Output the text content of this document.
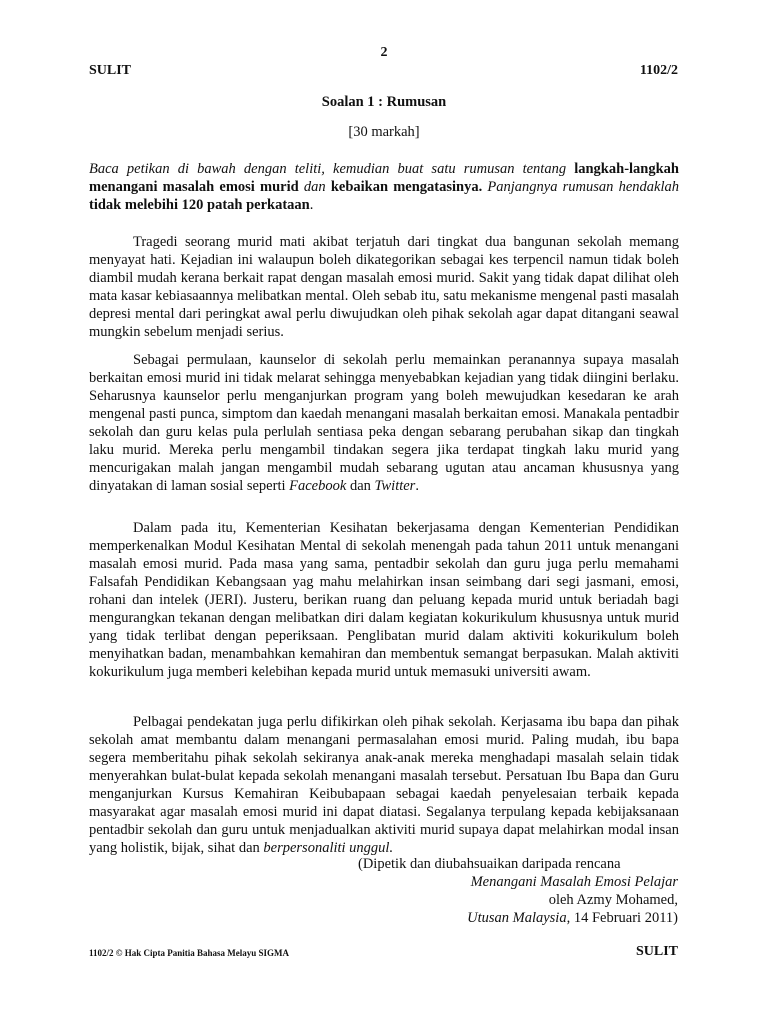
2
SULIT	1102/2
Soalan 1 : Rumusan
[30 markah]
Baca petikan di bawah dengan teliti, kemudian buat satu rumusan tentang langkah-langkah menangani masalah emosi murid dan kebaikan mengatasinya. Panjangnya rumusan hendaklah tidak melebihi 120 patah perkataan.
Tragedi seorang murid mati akibat terjatuh dari tingkat dua bangunan sekolah memang menyayat hati. Kejadian ini walaupun boleh dikategorikan sebagai kes terpencil namun tidak boleh diambil mudah kerana berkait rapat dengan masalah emosi murid. Sakit yang tidak dapat dilihat oleh mata kasar kebiasaannya melibatkan mental. Oleh sebab itu, satu mekanisme mengenal pasti masalah depresi mental dari peringkat awal perlu diwujudkan oleh pihak sekolah agar dapat ditangani seawal mungkin sebelum menjadi serius.
Sebagai permulaan, kaunselor di sekolah perlu memainkan peranannya supaya masalah berkaitan emosi murid ini tidak melarat sehingga menyebabkan kejadian yang tidak diingini berlaku. Seharusnya kaunselor perlu menganjurkan program yang boleh mewujudkan kesedaran ke arah mengenal pasti punca, simptom dan kaedah menangani masalah berkaitan emosi. Manakala pentadbir sekolah dan guru kelas pula perlulah sentiasa peka dengan sebarang perubahan sikap dan tingkah laku murid. Mereka perlu mengambil tindakan segera jika terdapat tingkah laku murid yang mencurigakan malah jangan mengambil mudah sebarang ugutan atau ancaman khususnya yang dinyatakan di laman sosial seperti Facebook dan Twitter.
Dalam pada itu, Kementerian Kesihatan bekerjasama dengan Kementerian Pendidikan memperkenalkan Modul Kesihatan Mental di sekolah menengah pada tahun 2011 untuk menangani masalah emosi murid. Pada masa yang sama, pentadbir sekolah dan guru juga perlu memahami Falsafah Pendidikan Kebangsaan yag mahu melahirkan insan seimbang dari segi jasmani, emosi, rohani dan intelek (JERI). Justeru, berikan ruang dan peluang kepada murid untuk beriadah bagi mengurangkan tekanan dengan melibatkan diri dalam kegiatan kokurikulum khususnya untuk murid yang tidak terlibat dengan peperiksaan. Penglibatan murid dalam aktiviti kokurikulum boleh menyihatkan badan, menambahkan kemahiran dan membentuk semangat berpasukan. Malah aktiviti kokurikulum juga memberi kelebihan kepada murid untuk memasuki universiti awam.
Pelbagai pendekatan juga perlu difikirkan oleh pihak sekolah. Kerjasama ibu bapa dan pihak sekolah amat membantu dalam menangani permasalahan emosi murid. Paling mudah, ibu bapa segera memberitahu pihak sekolah sekiranya anak-anak mereka menghadapi masalah selain tidak menyerahkan bulat-bulat kepada sekolah menangani masalah tersebut. Persatuan Ibu Bapa dan Guru menganjurkan Kursus Kemahiran Keibubapaan sebagai kaedah penyelesaian terbaik kepada masyarakat agar masalah emosi murid ini dapat diatasi. Segalanya terpulang kepada kebijaksanaan pentadbir sekolah dan guru untuk menjadualkan aktiviti murid supaya dapat melahirkan modal insan yang holistik, bijak, sihat dan berpersonaliti unggul.
(Dipetik dan diubahsuaikan daripada rencana
Menangani Masalah Emosi Pelajar
oleh Azmy Mohamed,
Utusan Malaysia, 14 Februari 2011)
1102/2 © Hak Cipta Panitia Bahasa Melayu SIGMA	SULIT
